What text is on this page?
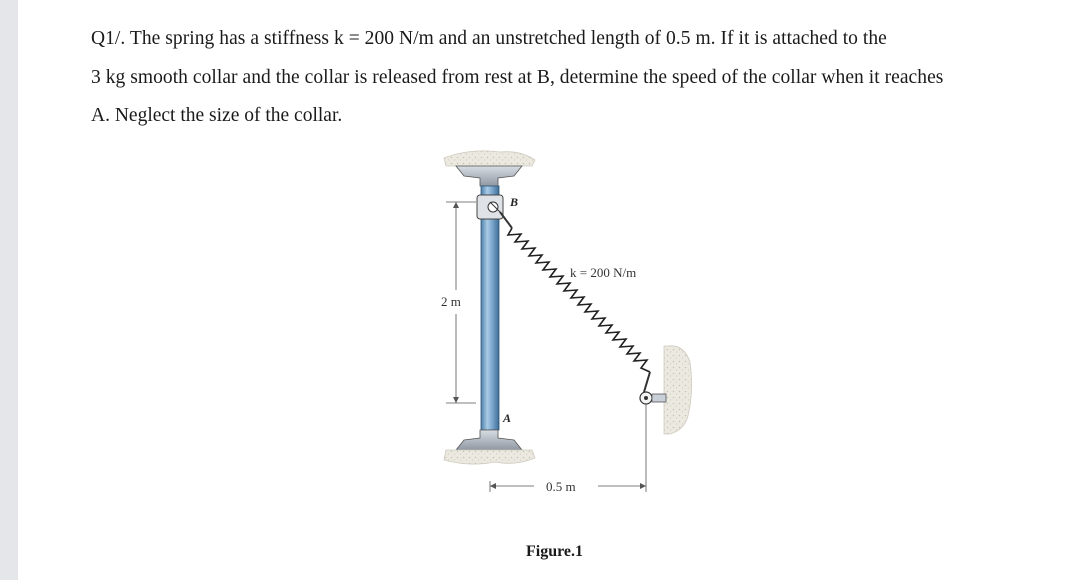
Q1/. The spring has a stiffness k = 200 N/m and an unstretched length of 0.5 m. If it is attached to the
3 kg smooth collar and the collar is released from rest at B, determine the speed of the collar when it reaches
A. Neglect the size of the collar.
2 m
B
A
k = 200 N/m
0.5 m
Figure.1
